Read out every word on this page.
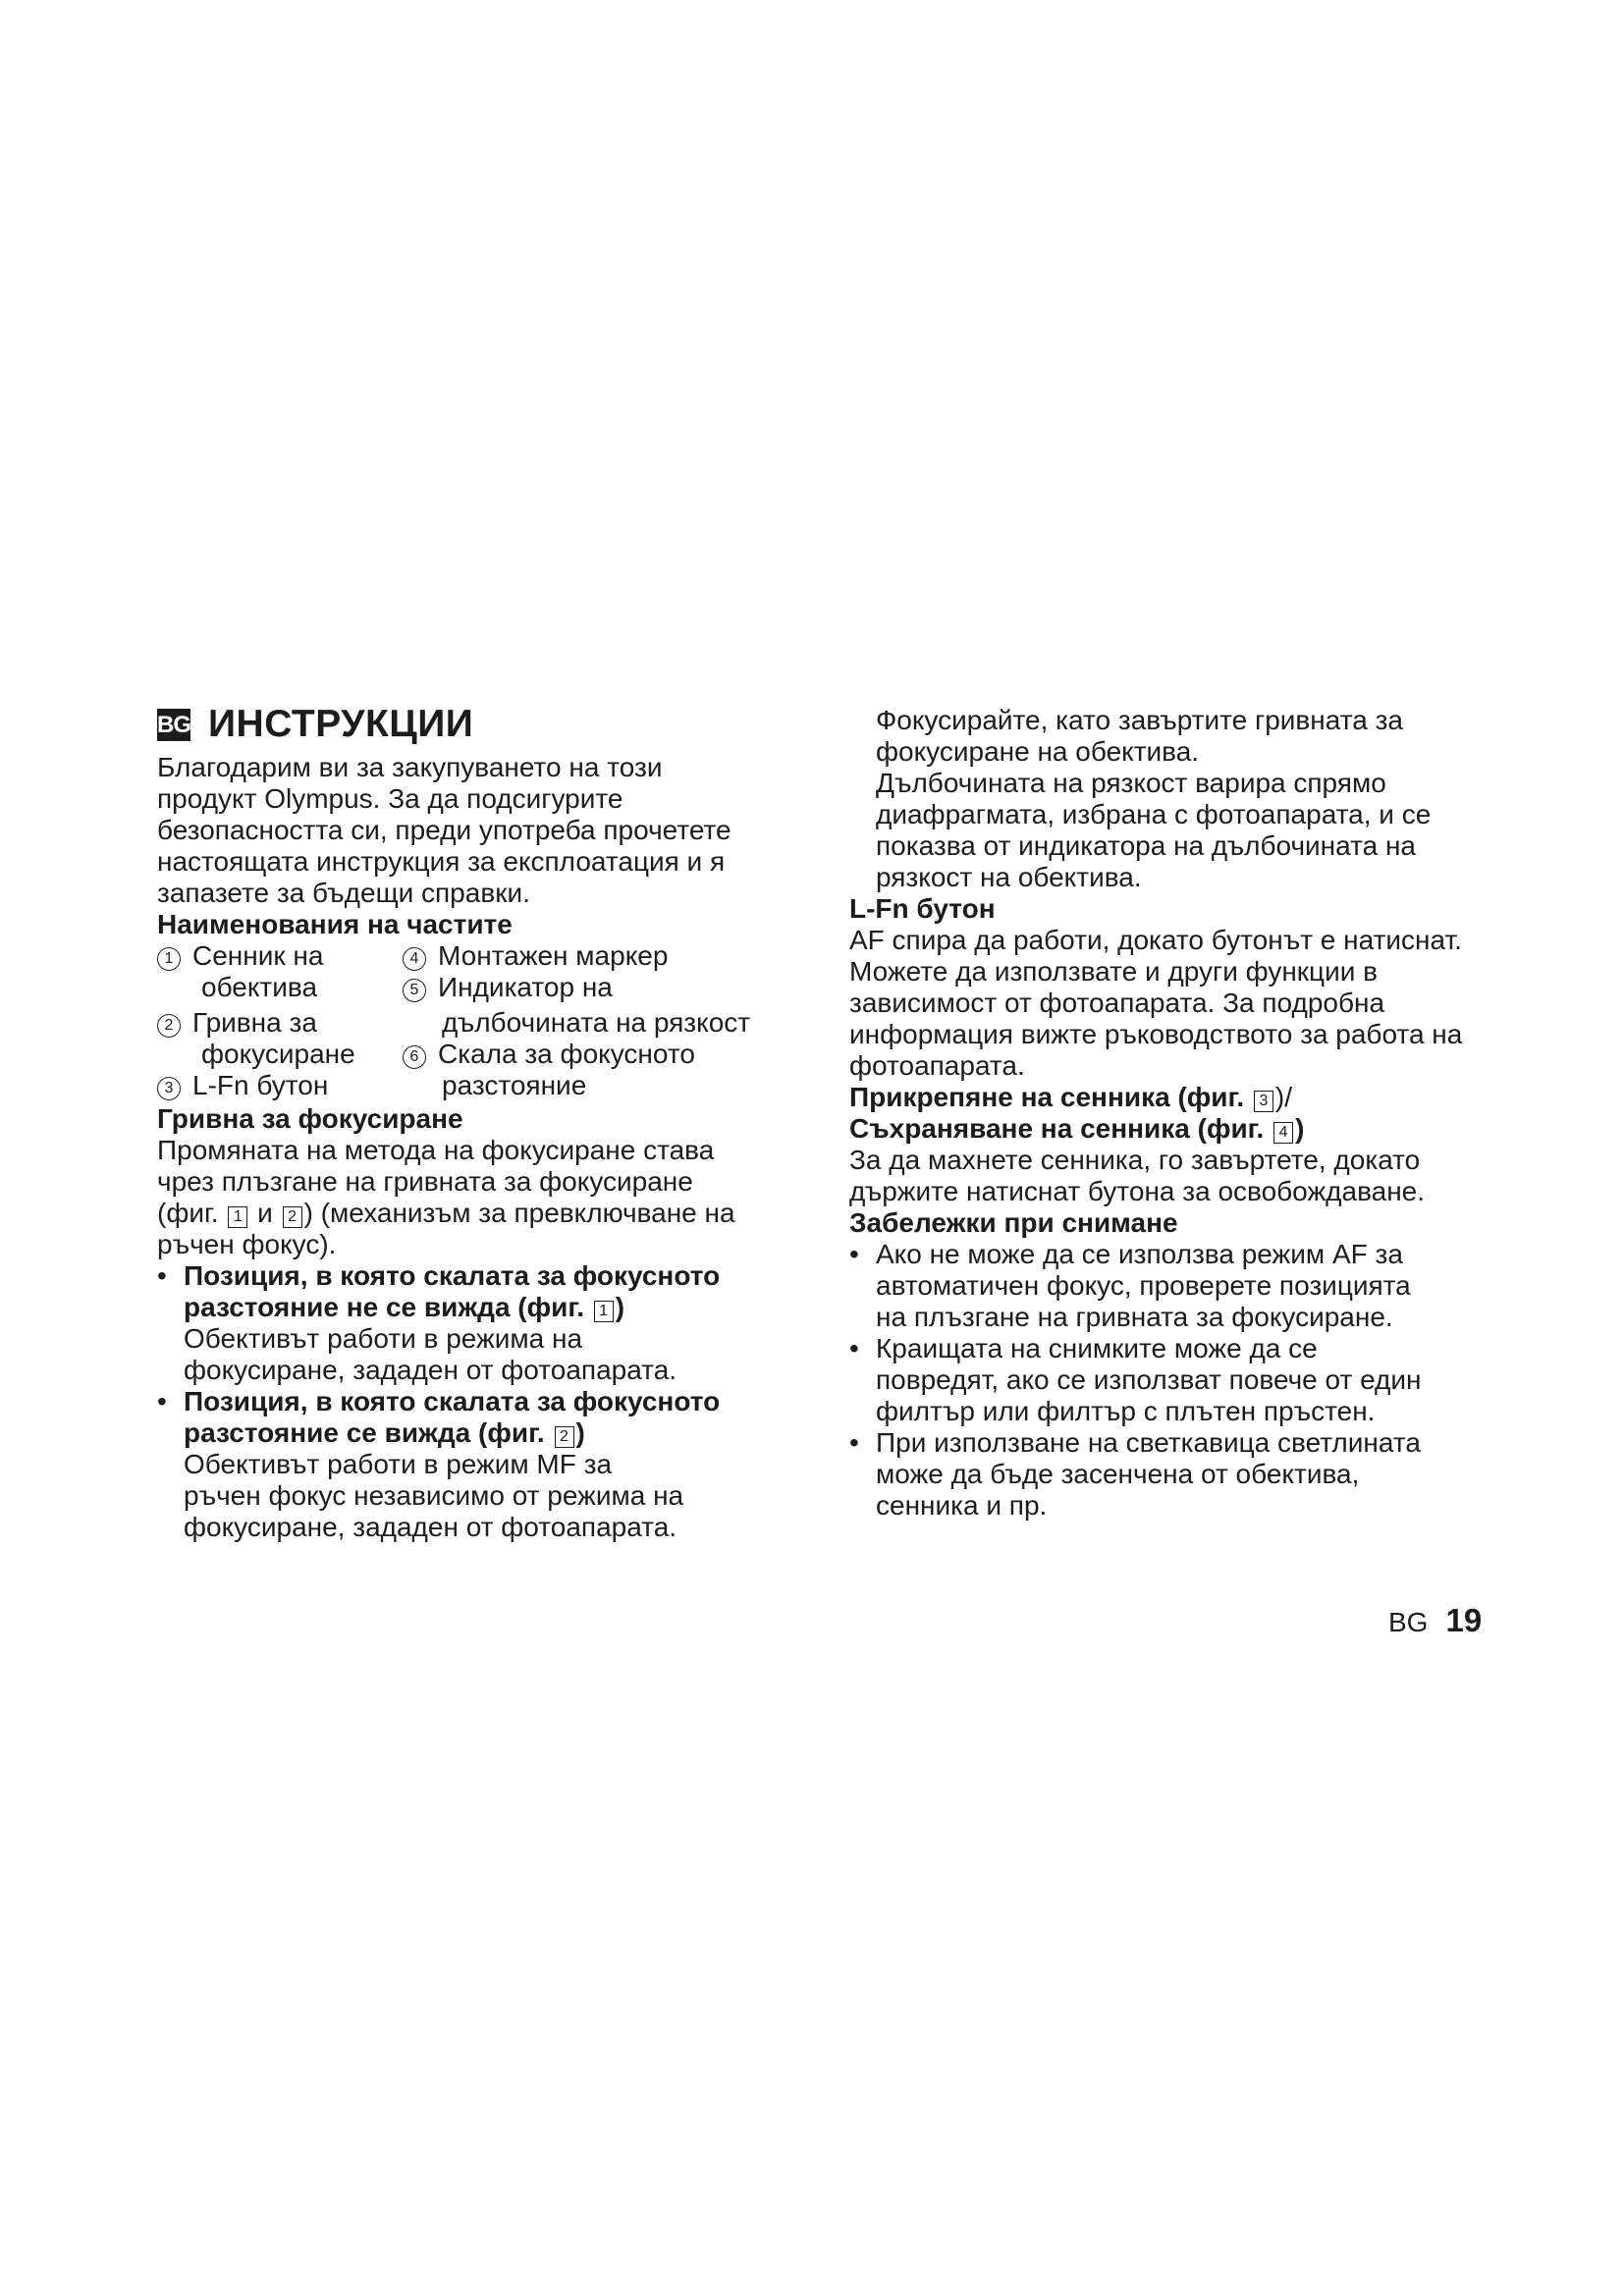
BG ИНСТРУКЦИИ
Благодарим ви за закупуването на този
продукт Olympus. За да подсигурите
безопасността си, преди употреба прочетете
настоящата инструкция за експлоатация и я
запазете за бъдещи справки.
Наименования на частите
1 Сенник на
обектива
2 Гривна за
фокусиране
3 L-Fn бутон
4 Монтажен маркер
5 Индикатор на
дълбочината на рязкост
6 Скала за фокусното
разстояние
Гривна за фокусиране
Промяната на метода на фокусиране става
чрез плъзгане на гривната за фокусиране
(фиг. 1 и 2 ) (механизъм за превключване на
ръчен фокус).
• Позиция, в която скалата за фокусното
разстояние не се вижда (фиг. 1 )
Обективът работи в режима на
фокусиране, зададен от фотоапарата.
• Позиция, в която скалата за фокусното
разстояние се вижда (фиг. 2 )
Обективът работи в режим MF за
ръчен фокус независимо от режима на
фокусиране, зададен от фотоапарата.
Фокусирайте, като завъртите гривната за
фокусиране на обектива.
Дълбочината на рязкост варира спрямо
диафрагмата, избрана с фотоапарата, и се
показва от индикатора на дълбочината на
рязкост на обектива.
L-Fn бутон
AF спира да работи, докато бутонът е натиснат.
Можете да използвате и други функции в
зависимост от фотоапарата. За подробна
информация вижте ръководството за работа на
фотоапарата.
Прикрепяне на сенника (фиг. 3 )/
Съхраняване на сенника (фиг. 4 )
За да махнете сенника, го завъртете, докато
държите натиснат бутона за освобождаване.
Забележки при снимане
• Ако не може да се използва режим AF за
автоматичен фокус, проверете позицията
на плъзгане на гривната за фокусиране.
• Краищата на снимките може да се
повредят, ако се използват повече от един
филтър или филтър с плътен пръстен.
• При използване на светкавица светлината
може да бъде засенчена от обектива,
сенника и пр.
BG 19
